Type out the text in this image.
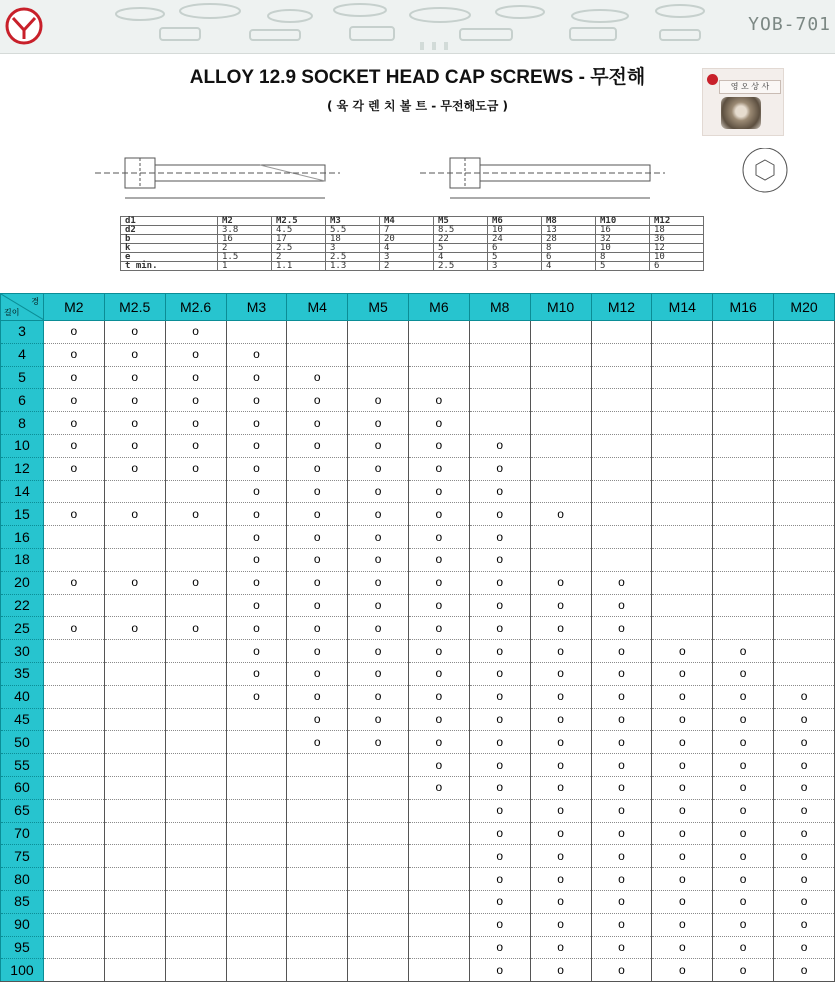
YOB-701
ALLOY 12.9 SOCKET HEAD CAP SCREWS - 무전해
( 육 각 렌 치 볼 트 - 무전해도금 )
영 오 상 사
d1	M2	M2.5	M3	M4	M5	M6	M8	M10	M12
d2	3.8	4.5	5.5	7	8.5	10	13	16	18
b	16	17	18	20	22	24	28	32	36
k	2	2.5	3	4	5	6	8	10	12
e	1.5	2	2.5	3	4	5	6	8	10
t min.	1	1.1	1.3	2	2.5	3	4	5	6
경
길이	M2	M2.5	M2.6	M3	M4	M5	M6	M8	M10	M12	M14	M16	M20
3	o	o	o										
4	o	o	o	o									
5	o	o	o	o	o								
6	o	o	o	o	o	o	o						
8	o	o	o	o	o	o	o						
10	o	o	o	o	o	o	o	o					
12	o	o	o	o	o	o	o	o					
14				o	o	o	o	o					
15	o	o	o	o	o	o	o	o	o				
16				o	o	o	o	o					
18				o	o	o	o	o					
20	o	o	o	o	o	o	o	o	o	o			
22				o	o	o	o	o	o	o			
25	o	o	o	o	o	o	o	o	o	o			
30				o	o	o	o	o	o	o	o	o	
35				o	o	o	o	o	o	o	o	o	
40				o	o	o	o	o	o	o	o	o	o
45					o	o	o	o	o	o	o	o	o
50					o	o	o	o	o	o	o	o	o
55							o	o	o	o	o	o	o
60							o	o	o	o	o	o	o
65								o	o	o	o	o	o
70								o	o	o	o	o	o
75								o	o	o	o	o	o
80								o	o	o	o	o	o
85								o	o	o	o	o	o
90								o	o	o	o	o	o
95								o	o	o	o	o	o
100								o	o	o	o	o	o
